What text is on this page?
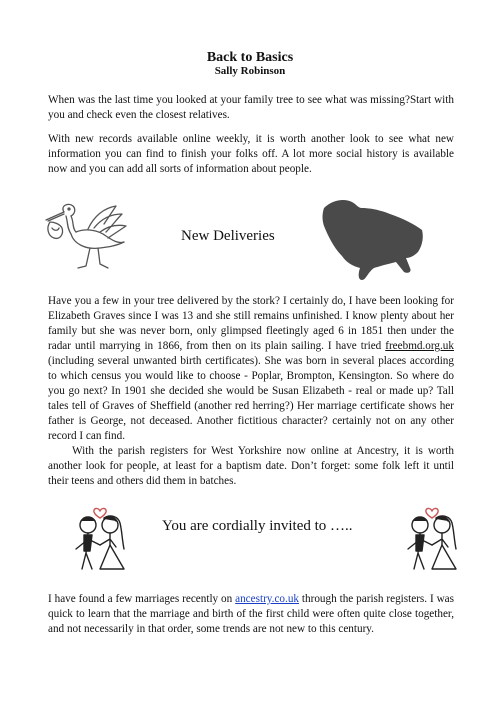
Back to Basics
Sally Robinson

When was the last time you looked at your family tree to see what was missing?Start with you and check even the closest relatives.

With new records available online weekly, it is worth another look to see what new information you can find to finish your folks off. A lot more social history is available now and you can add all sorts of information about people.

New Deliveries

Have you a few in your tree delivered by the stork? I certainly do, I have been looking for Elizabeth Graves since I was 13 and she still remains unfinished. I know plenty about her family but she was never born, only glimpsed fleetingly aged 6 in 1851 then under the radar until marrying in 1866, from then on its plain sailing. I have tried freebmd.org.uk (including several unwanted birth certificates). She was born in several places according to which census you would like to choose - Poplar, Brompton, Kensington. So where do you go next? In 1901 she decided she would be Susan Elizabeth - real or made up? Tall tales tell of Graves of Sheffield (another red herring?) Her marriage certificate shows her father is George, not deceased. Another fictitious character? certainly not on any other record I can find.

With the parish registers for West Yorkshire now online at Ancestry, it is worth another look for people, at least for a baptism date. Don’t forget: some folk left it until their teens and others did them in batches.

You are cordially invited to …..

I have found a few marriages recently on ancestry.co.uk through the parish registers. I was quick to learn that the marriage and birth of the first child were often quite close together, and not necessarily in that order, some trends are not new to this century.
